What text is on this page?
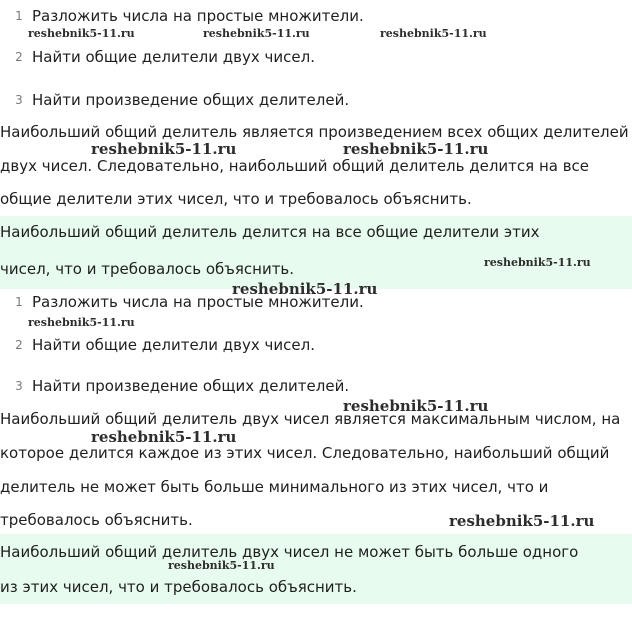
1 Разложить числа на простые множители.
2 Найти общие делители двух чисел.
3 Найти произведение общих делителей.
Наибольший общий делитель является произведением всех общих делителей
двух чисел. Следовательно, наибольший общий делитель делится на все
общие делители этих чисел, что и требовалось объяснить.
Наибольший общий делитель делится на все общие делители этих
чисел, что и требовалось объяснить.
1 Разложить числа на простые множители.
2 Найти общие делители двух чисел.
3 Найти произведение общих делителей.
Наибольший общий делитель двух чисел является максимальным числом, на
которое делится каждое из этих чисел. Следовательно, наибольший общий
делитель не может быть больше минимального из этих чисел, что и
требовалось объяснить.
Наибольший общий делитель двух чисел не может быть больше одного
из этих чисел, что и требовалось объяснить.
reshebnik5-11.ru	reshebnik5-11.ru	reshebnik5-11.ru
reshebnik5-11.ru	reshebnik5-11.ru
reshebnik5-11.ru
reshebnik5-11.ru
reshebnik5-11.ru
reshebnik5-11.ru
reshebnik5-11.ru
reshebnik5-11.ru
reshebnik5-11.ru
